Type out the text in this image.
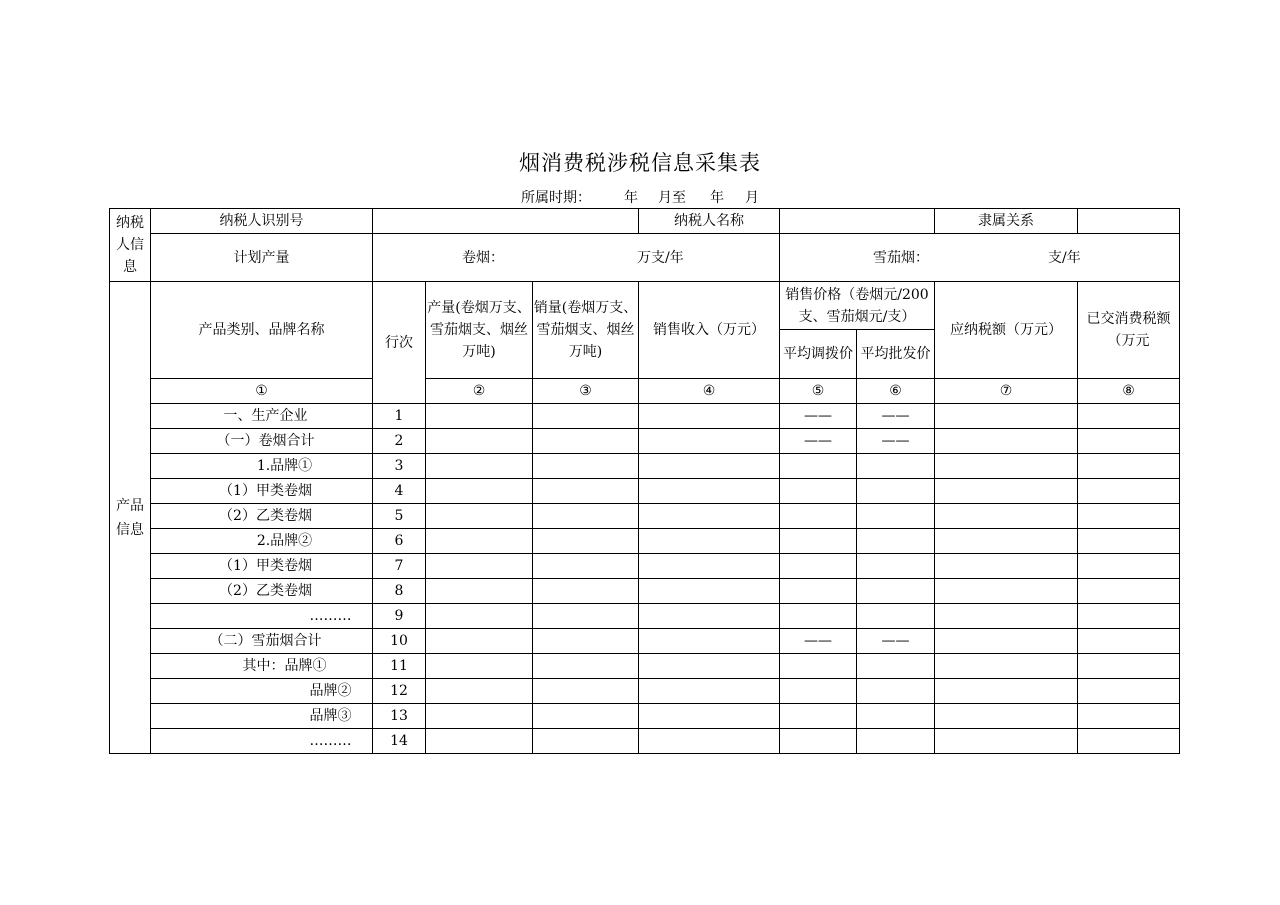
烟消费税涉税信息采集表
所属时期： 年 月至 年 月
纳税人信息	纳税人识别号				纳税人名称			隶属关系	
	计划产量	卷烟： 万支/年				雪茄烟： 支/年			

产品信息	产品类别、品牌名称	行次	产量(卷烟万支、雪茄烟支、烟丝万吨)	销量(卷烟万支、雪茄烟支、烟丝万吨)	销售收入（万元）	销售价格（卷烟元/200支、雪茄烟元/支）		应纳税额（万元）	已交消费税额（万元
						平均调拨价	平均批发价		
	①		②	③	④	⑤	⑥	⑦	⑧
	一、生产企业	1				——	——		
	（一）卷烟合计	2				——	——		
	1.品牌①	3							
	（1）甲类卷烟	4							
	（2）乙类卷烟	5							
	2.品牌②	6							
	（1）甲类卷烟	7							
	（2）乙类卷烟	8							
	………	9							
	（二）雪茄烟合计	10				——	——		
	其中：品牌①	11							
	品牌②	12							
	品牌③	13							
	………	14							
